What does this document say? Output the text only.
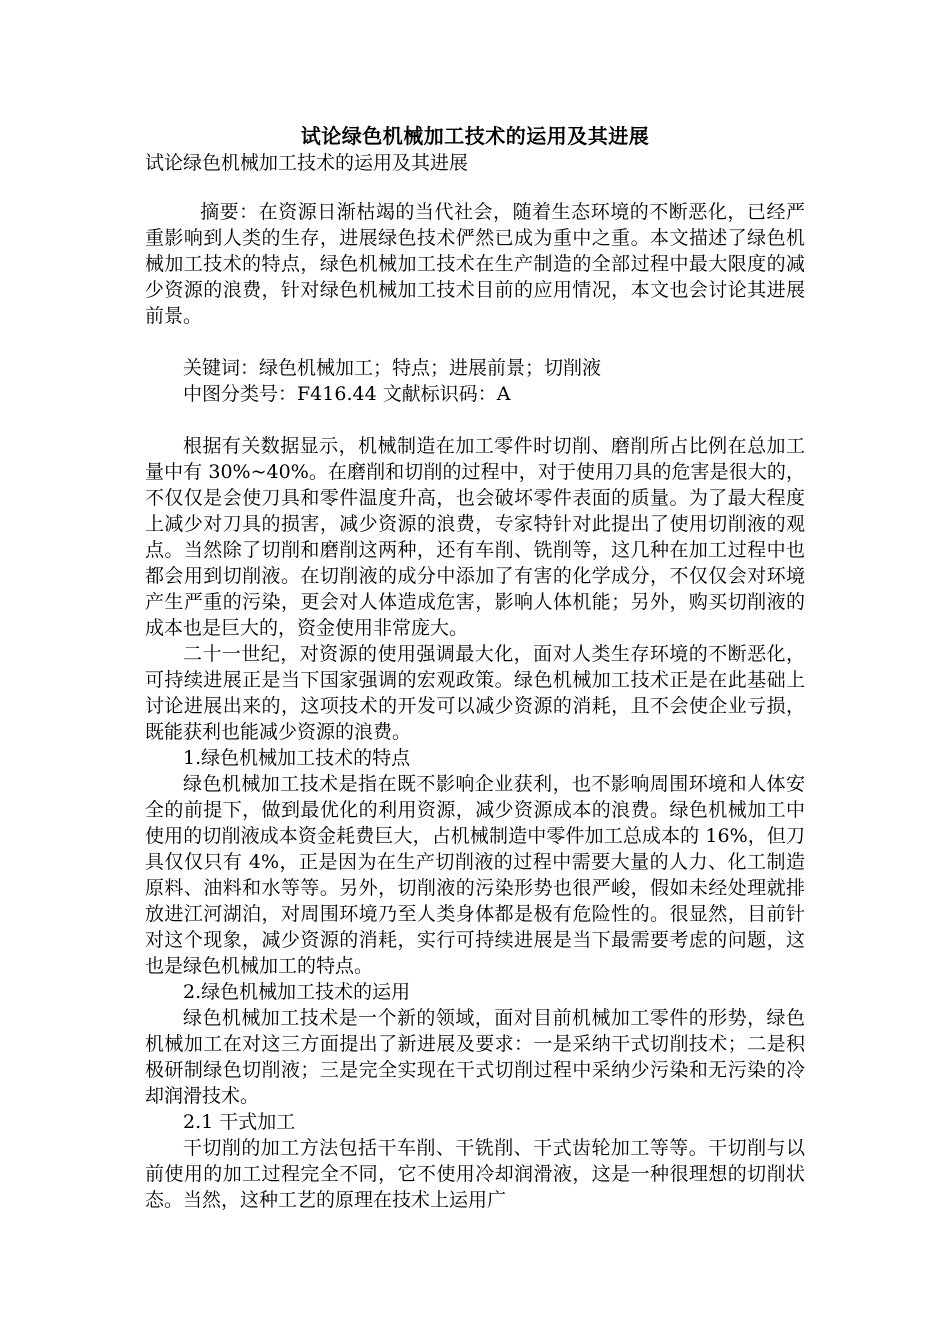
试论绿色机械加工技术的运用及其进展
试论绿色机械加工技术的运用及其进展

摘要：在资源日渐枯竭的当代社会，随着生态环境的不断恶化，已经严重影响到人类的生存，进展绿色技术俨然已成为重中之重。本文描述了绿色机械加工技术的特点，绿色机械加工技术在生产制造的全部过程中最大限度的减少资源的浪费，针对绿色机械加工技术目前的应用情况，本文也会讨论其进展前景。

关键词：绿色机械加工；特点；进展前景；切削液

中图分类号：F416.44 文献标识码：A

根据有关数据显示，机械制造在加工零件时切削、磨削所占比例在总加工量中有 30%~40%。在磨削和切削的过程中，对于使用刀具的危害是很大的，不仅仅是会使刀具和零件温度升高，也会破坏零件表面的质量。为了最大程度上减少对刀具的损害，减少资源的浪费，专家特针对此提出了使用切削液的观点。当然除了切削和磨削这两种，还有车削、铣削等，这几种在加工过程中也都会用到切削液。在切削液的成分中添加了有害的化学成分，不仅仅会对环境产生严重的污染，更会对人体造成危害，影响人体机能；另外，购买切削液的成本也是巨大的，资金使用非常庞大。

二十一世纪，对资源的使用强调最大化，面对人类生存环境的不断恶化，可持续进展正是当下国家强调的宏观政策。绿色机械加工技术正是在此基础上讨论进展出来的，这项技术的开发可以减少资源的消耗，且不会使企业亏损，既能获利也能减少资源的浪费。

1.绿色机械加工技术的特点

绿色机械加工技术是指在既不影响企业获利，也不影响周围环境和人体安全的前提下，做到最优化的利用资源，减少资源成本的浪费。绿色机械加工中使用的切削液成本资金耗费巨大，占机械制造中零件加工总成本的 16%，但刀具仅仅只有 4%，正是因为在生产切削液的过程中需要大量的人力、化工制造原料、油料和水等等。另外，切削液的污染形势也很严峻，假如未经处理就排放进江河湖泊，对周围环境乃至人类身体都是极有危险性的。很显然，目前针对这个现象，减少资源的消耗，实行可持续进展是当下最需要考虑的问题，这也是绿色机械加工的特点。

2.绿色机械加工技术的运用

绿色机械加工技术是一个新的领域，面对目前机械加工零件的形势，绿色机械加工在对这三方面提出了新进展及要求：一是采纳干式切削技术；二是积极研制绿色切削液；三是完全实现在干式切削过程中采纳少污染和无污染的冷却润滑技术。

2.1 干式加工

干切削的加工方法包括干车削、干铣削、干式齿轮加工等等。干切削与以前使用的加工过程完全不同，它不使用冷却润滑液，这是一种很理想的切削状态。当然，这种工艺的原理在技术上运用广
